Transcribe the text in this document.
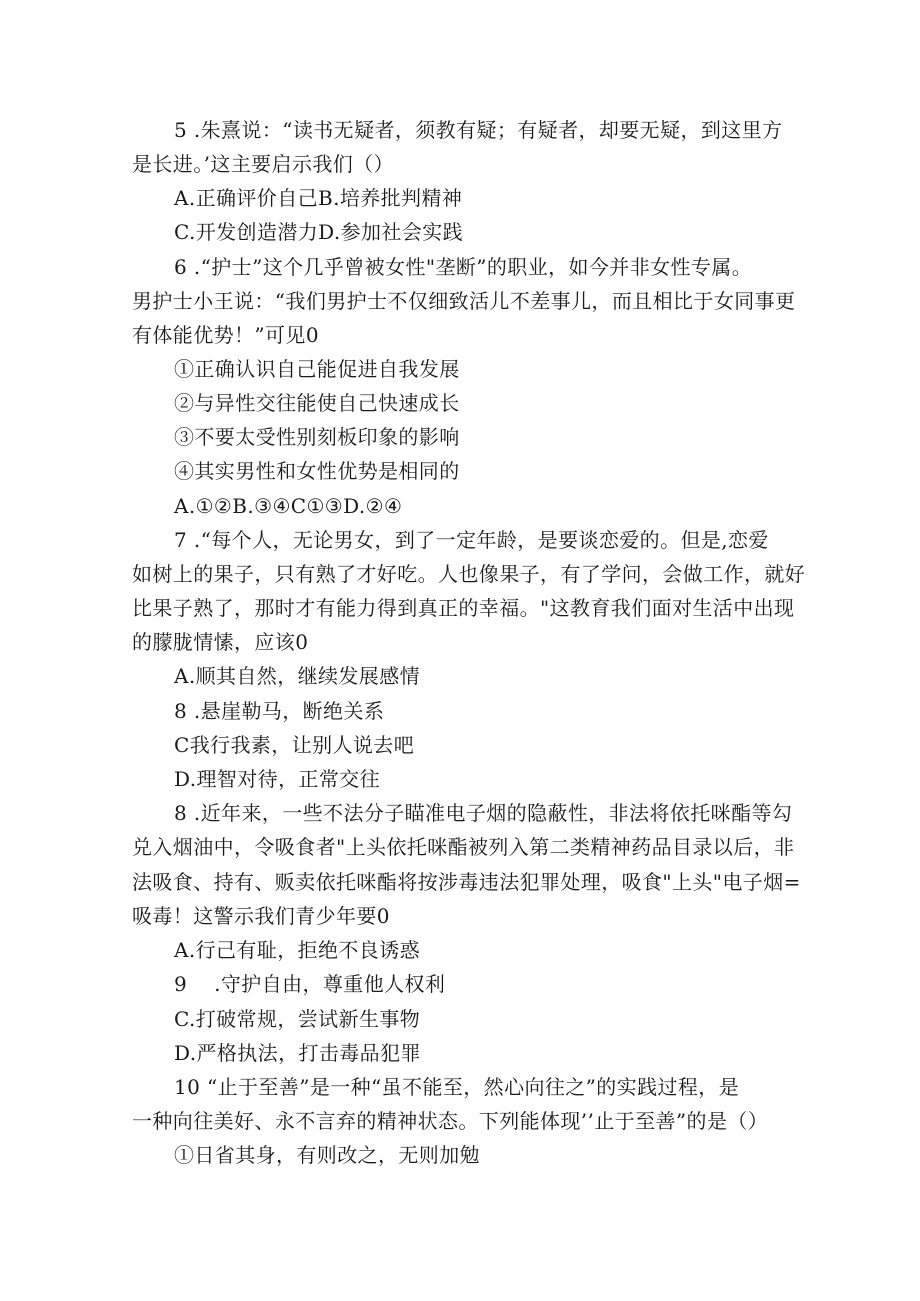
5 .朱熹说：“读书无疑者，须教有疑；有疑者，却要无疑，到这里方
是长进。’这主要启示我们（）
A.正确评价自己B.培养批判精神
C.开发创造潜力D.参加社会实践
6 .“护士”这个几乎曾被女性"垄断”的职业，如今并非女性专属。
男护士小王说：“我们男护士不仅细致活儿不差事儿，而且相比于女同事更
有体能优势！”可见0
①正确认识自己能促进自我发展
②与异性交往能使自己快速成长
③不要太受性别刻板印象的影响
④其实男性和女性优势是相同的
A.①②B.③④C①③D.②④
7 .“每个人，无论男女，到了一定年龄，是要谈恋爱的。但是,恋爱
如树上的果子，只有熟了才好吃。人也像果子，有了学问，会做工作，就好
比果子熟了，那时才有能力得到真正的幸福。"这教育我们面对生活中出现
的朦胧情愫，应该0
A.顺其自然，继续发展感情
8 .悬崖勒马，断绝关系
C我行我素，让别人说去吧
D.理智对待，正常交往
8 .近年来，一些不法分子瞄准电子烟的隐蔽性，非法将依托咪酯等勾
兑入烟油中，令吸食者"上头依托咪酯被列入第二类精神药品目录以后，非
法吸食、持有、贩卖依托咪酯将按涉毒违法犯罪处理，吸食"上头"电子烟=
吸毒！这警示我们青少年要0
A.行己有耻，拒绝不良诱惑
9    .守护自由，尊重他人权利
C.打破常规，尝试新生事物
D.严格执法，打击毒品犯罪
10 “止于至善”是一种“虽不能至，然心向往之”的实践过程，是
一种向往美好、永不言弃的精神状态。下列能体现’’止于至善”的是（）
①日省其身，有则改之，无则加勉
